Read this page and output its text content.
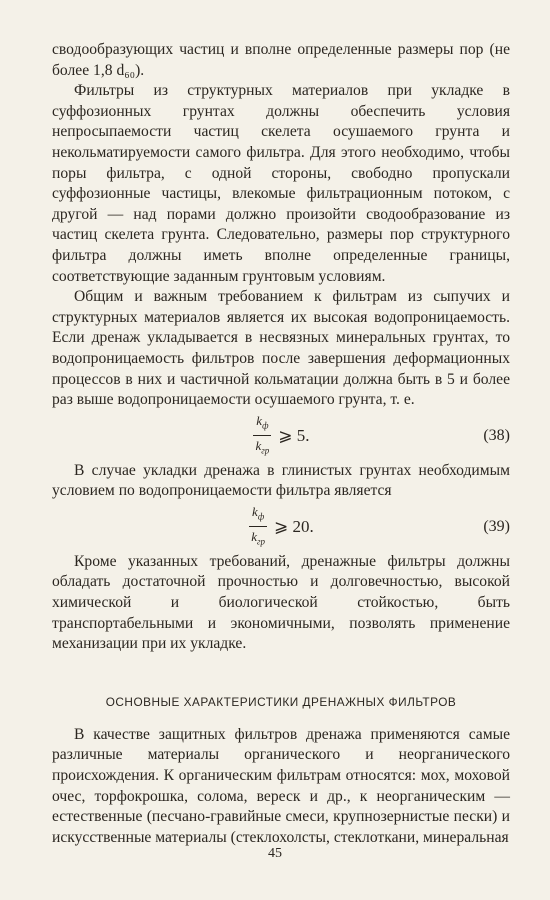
сводообразующих частиц и вполне определенные размеры пор (не более 1,8 d₆₀).

Фильтры из структурных материалов при укладке в суффозионных грунтах должны обеспечить условия непросыпаемости частиц скелета осушаемого грунта и некольматируемости самого фильтра. Для этого необходимо, чтобы поры фильтра, с одной стороны, свободно пропускали суффозионные частицы, влекомые фильтрационным потоком, с другой — над порами должно произойти сводообразование из частиц скелета грунта. Следовательно, размеры пор структурного фильтра должны иметь вполне определенные границы, соответствующие заданным грунтовым условиям.

Общим и важным требованием к фильтрам из сыпучих и структурных материалов является их высокая водопроницаемость. Если дренаж укладывается в несвязных минеральных грунтах, то водопроницаемость фильтров после завершения деформационных процессов в них и частичной кольматации должна быть в 5 и более раз выше водопроницаемости осушаемого грунта, т. е.

$\frac{k_ф}{k_{гр}}$ ⩾ 5.	(38)

В случае укладки дренажа в глинистых грунтах необходимым условием по водопроницаемости фильтра является

$\frac{k_ф}{k_{гр}}$ ⩾ 20.	(39)

Кроме указанных требований, дренажные фильтры должны обладать достаточной прочностью и долговечностью, высокой химической и биологической стойкостью, быть транспортабельными и экономичными, позволять применение механизации при их укладке.

ОСНОВНЫЕ ХАРАКТЕРИСТИКИ ДРЕНАЖНЫХ ФИЛЬТРОВ

В качестве защитных фильтров дренажа применяются самые различные материалы органического и неорганического происхождения. К органическим фильтрам относятся: мох, моховой очес, торфокрошка, солома, вереск и др., к неорганическим — естественные (песчано-гравийные смеси, крупнозернистые пески) и искусственные материалы (стеклохолсты, стеклоткани, минеральная

45
